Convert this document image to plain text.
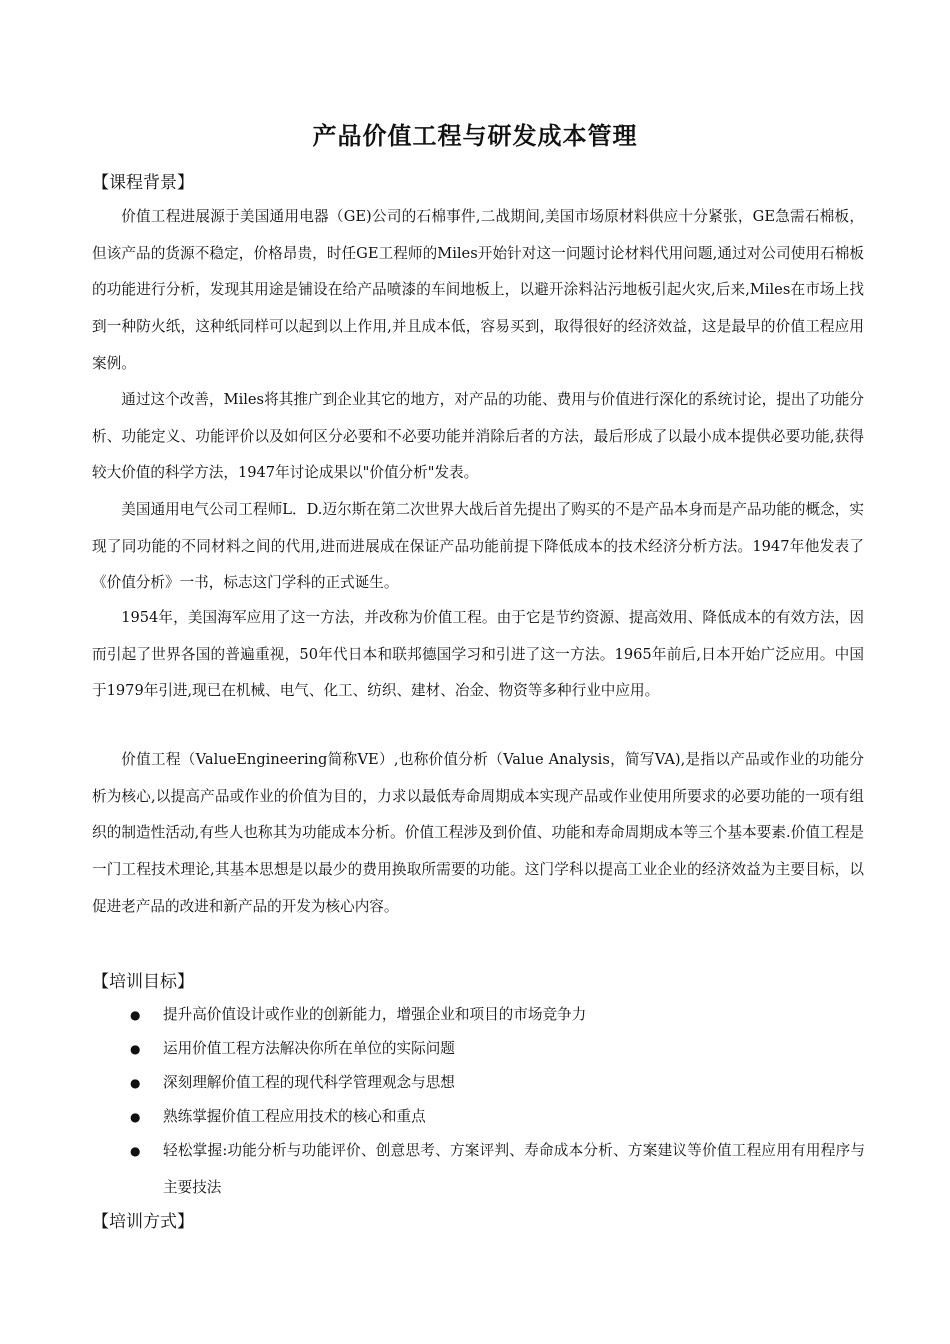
产品价值工程与研发成本管理
【课程背景】

价值工程进展源于美国通用电器（GE)公司的石棉事件,二战期间,美国市场原材料供应十分紧张，GE急需石棉板，但该产品的货源不稳定，价格昂贵，时任GE工程师的Miles开始针对这一问题讨论材料代用问题,通过对公司使用石棉板的功能进行分析，发现其用途是铺设在给产品喷漆的车间地板上，以避开涂料沾污地板引起火灾,后来,Miles在市场上找到一种防火纸，这种纸同样可以起到以上作用,并且成本低，容易买到，取得很好的经济效益，这是最早的价值工程应用案例。

通过这个改善，Miles将其推广到企业其它的地方，对产品的功能、费用与价值进行深化的系统讨论，提出了功能分析、功能定义、功能评价以及如何区分必要和不必要功能并消除后者的方法，最后形成了以最小成本提供必要功能,获得较大价值的科学方法，1947年讨论成果以"价值分析"发表。

美国通用电气公司工程师L．D.迈尔斯在第二次世界大战后首先提出了购买的不是产品本身而是产品功能的概念，实现了同功能的不同材料之间的代用,进而进展成在保证产品功能前提下降低成本的技术经济分析方法。1947年他发表了《价值分析》一书，标志这门学科的正式诞生。

1954年，美国海军应用了这一方法，并改称为价值工程。由于它是节约资源、提高效用、降低成本的有效方法，因而引起了世界各国的普遍重视，50年代日本和联邦德国学习和引进了这一方法。1965年前后,日本开始广泛应用。中国于1979年引进,现已在机械、电气、化工、纺织、建材、冶金、物资等多种行业中应用。

价值工程（ValueEngineering简称VE）,也称价值分析（Value Analysis，简写VA),是指以产品或作业的功能分析为核心,以提高产品或作业的价值为目的，力求以最低寿命周期成本实现产品或作业使用所要求的必要功能的一项有组织的制造性活动,有些人也称其为功能成本分析。价值工程涉及到价值、功能和寿命周期成本等三个基本要素.价值工程是一门工程技术理论,其基本思想是以最少的费用换取所需要的功能。这门学科以提高工业企业的经济效益为主要目标，以促进老产品的改进和新产品的开发为核心内容。

【培训目标】
●	提升高价值设计或作业的创新能力，增强企业和项目的市场竞争力
●	运用价值工程方法解决你所在单位的实际问题
●	深刻理解价值工程的现代科学管理观念与思想
●	熟练掌握价值工程应用技术的核心和重点
●	轻松掌握:功能分析与功能评价、创意思考、方案评判、寿命成本分析、方案建议等价值工程应用有用程序与主要技法
【培训方式】
